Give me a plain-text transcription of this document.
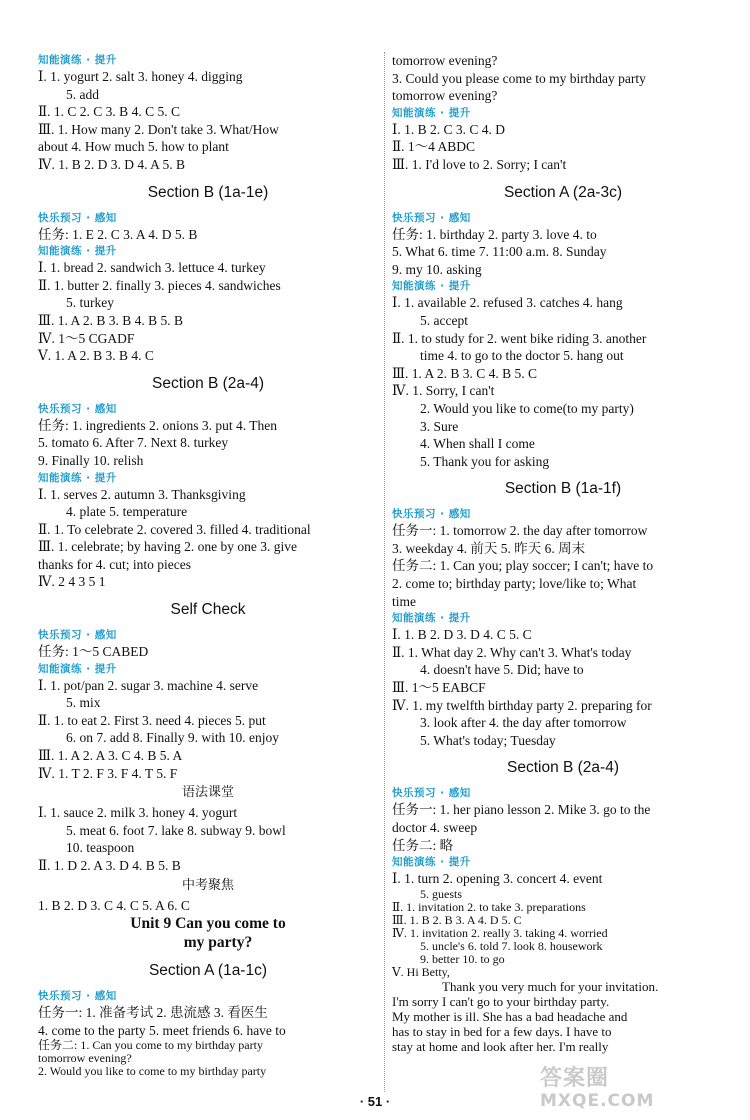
知能演练 · 提升
Ⅰ. 1. yogurt 2. salt 3. honey 4. digging
5. add
Ⅱ. 1. C 2. C 3. B 4. C 5. C
Ⅲ. 1. How many 2. Don't take 3. What/How
about 4. How much 5. how to plant
Ⅳ. 1. B 2. D 3. D 4. A 5. B
Section B (1a-1e)
快乐预习 · 感知
任务: 1. E 2. C 3. A 4. D 5. B
知能演练 · 提升
Ⅰ. 1. bread 2. sandwich 3. lettuce 4. turkey
Ⅱ. 1. butter 2. finally 3. pieces 4. sandwiches
5. turkey
Ⅲ. 1. A 2. B 3. B 4. B 5. B
Ⅳ. 1～5 CGADF
Ⅴ. 1. A 2. B 3. B 4. C
Section B (2a-4)
快乐预习 · 感知
任务: 1. ingredients 2. onions 3. put 4. Then
5. tomato 6. After 7. Next 8. turkey
9. Finally 10. relish
知能演练 · 提升
Ⅰ. 1. serves 2. autumn 3. Thanksgiving
4. plate 5. temperature
Ⅱ. 1. To celebrate 2. covered 3. filled 4. traditional
Ⅲ. 1. celebrate; by having 2. one by one 3. give
thanks for 4. cut; into pieces
Ⅳ. 2 4 3 5 1
Self Check
快乐预习 · 感知
任务: 1～5 CABED
知能演练 · 提升
Ⅰ. 1. pot/pan 2. sugar 3. machine 4. serve
5. mix
Ⅱ. 1. to eat 2. First 3. need 4. pieces 5. put
6. on 7. add 8. Finally 9. with 10. enjoy
Ⅲ. 1. A 2. A 3. C 4. B 5. A
Ⅳ. 1. T 2. F 3. F 4. T 5. F
语法课堂
Ⅰ. 1. sauce 2. milk 3. honey 4. yogurt
5. meat 6. foot 7. lake 8. subway 9. bowl
10. teaspoon
Ⅱ. 1. D 2. A 3. D 4. B 5. B
中考聚焦
1. B 2. D 3. C 4. C 5. A 6. C
Unit 9 Can you come to
my party?
Section A (1a-1c)
快乐预习 · 感知
任务一: 1. 准备考试 2. 患流感 3. 看医生
4. come to the party 5. meet friends 6. have to
任务二: 1. Can you come to my birthday party
tomorrow evening?
2. Would you like to come to my birthday party
tomorrow evening?
3. Could you please come to my birthday party
tomorrow evening?
知能演练 · 提升
Ⅰ. 1. B 2. C 3. C 4. D
Ⅱ. 1～4 ABDC
Ⅲ. 1. I'd love to 2. Sorry; I can't
Section A (2a-3c)
快乐预习 · 感知
任务: 1. birthday 2. party 3. love 4. to
5. What 6. time 7. 11:00 a.m. 8. Sunday
9. my 10. asking
知能演练 · 提升
Ⅰ. 1. available 2. refused 3. catches 4. hang
5. accept
Ⅱ. 1. to study for 2. went bike riding 3. another
time 4. to go to the doctor 5. hang out
Ⅲ. 1. A 2. B 3. C 4. B 5. C
Ⅳ. 1. Sorry, I can't
2. Would you like to come(to my party)
3. Sure
4. When shall I come
5. Thank you for asking
Section B (1a-1f)
快乐预习 · 感知
任务一: 1. tomorrow 2. the day after tomorrow
3. weekday 4. 前天 5. 昨天 6. 周末
任务二: 1. Can you; play soccer; I can't; have to
2. come to; birthday party; love/like to; What
time
知能演练 · 提升
Ⅰ. 1. B 2. D 3. D 4. C 5. C
Ⅱ. 1. What day 2. Why can't 3. What's today
4. doesn't have 5. Did; have to
Ⅲ. 1～5 EABCF
Ⅳ. 1. my twelfth birthday party 2. preparing for
3. look after 4. the day after tomorrow
5. What's today; Tuesday
Section B (2a-4)
快乐预习 · 感知
任务一: 1. her piano lesson 2. Mike 3. go to the
doctor 4. sweep
任务二: 略
知能演练 · 提升
Ⅰ. 1. turn 2. opening 3. concert 4. event
5. guests
Ⅱ. 1. invitation 2. to take 3. preparations
Ⅲ. 1. B 2. B 3. A 4. D 5. C
Ⅳ. 1. invitation 2. really 3. taking 4. worried
5. uncle's 6. told 7. look 8. housework
9. better 10. to go
Ⅴ. Hi Betty,
Thank you very much for your invitation.
I'm sorry I can't go to your birthday party.
My mother is ill. She has a bad headache and
has to stay in bed for a few days. I have to
stay at home and look after her. I'm really
· 51 ·
答案圈
MXQE.COM
